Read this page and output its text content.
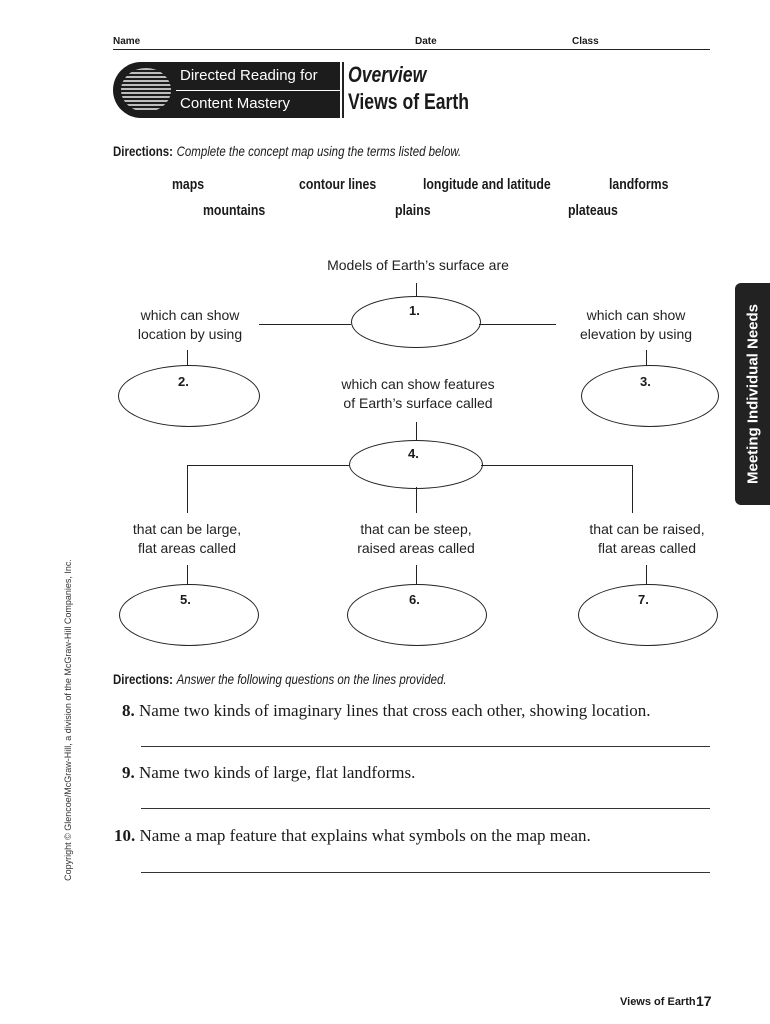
Name	Date	Class
Directed Reading for
Content Mastery
Overview
Views of Earth
Directions: Complete the concept map using the terms listed below.
maps	contour lines	longitude and latitude	landforms
mountains	plains	plateaus
Models of Earth’s surface are
1.
which can show
location by using
which can show
elevation by using
2.	3.
which can show features
of Earth’s surface called
4.
that can be large,
flat areas called
that can be steep,
raised areas called
that can be raised,
flat areas called
5.	6.	7.
Directions: Answer the following questions on the lines provided.
8. Name two kinds of imaginary lines that cross each other, showing location.
9. Name two kinds of large, flat landforms.
10. Name a map feature that explains what symbols on the map mean.
Meeting Individual Needs
Copyright © Glencoe/McGraw-Hill, a division of the McGraw-Hill Companies, Inc.
Views of Earth 17
